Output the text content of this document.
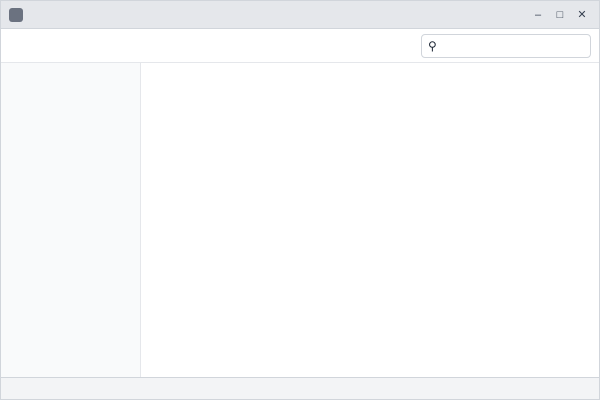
–	□	✕
⚲
